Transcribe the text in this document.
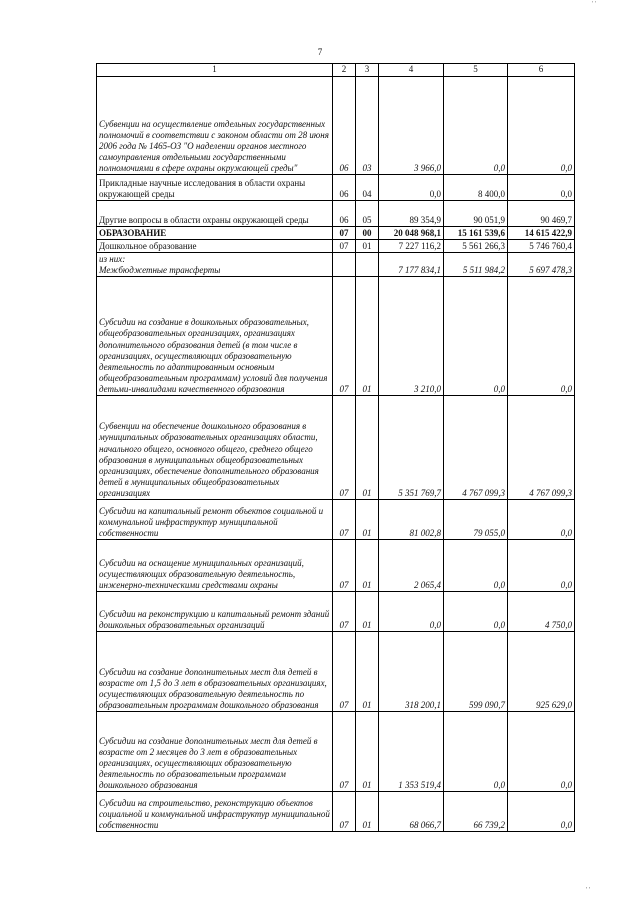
' '
7
1	2	3	4	5	6
Субвенции на осуществление отдельных государственных полномочий в соответствии с законом области от 28 июня 2006 года № 1465-ОЗ "О наделении органов местного самоуправления отдельными государственными полномочиями в сфере охраны окружающей среды"	06	03	3 966,0	0,0	0,0
Прикладные научные исследования в области охраны окружающей среды	06	04	0,0	8 400,0	0,0
Другие вопросы в области охраны окружающей среды	06	05	89 354,9	90 051,9	90 469,7
ОБРАЗОВАНИЕ	07	00	20 048 968,1	15 161 539,6	14 615 422,9
Дошкольное образование	07	01	7 227 116,2	5 561 266,3	5 746 760,4
из них:
Межбюджетные трансферты			7 177 834,1	5 511 984,2	5 697 478,3
Субсидии на создание в дошкольных образовательных, общеобразовательных организациях, организациях дополнительного образования детей (в том числе в организациях, осуществляющих образовательную деятельность по адаптированным основным общеобразовательным программам) условий для получения детьми-инвалидами качественного образования	07	01	3 210,0	0,0	0,0
Субвенции на обеспечение дошкольного образования в муниципальных образовательных организациях области, начального общего, основного общего, среднего общего образования в муниципальных общеобразовательных организациях, обеспечение дополнительного образования детей в муниципальных общеобразовательных организациях	07	01	5 351 769,7	4 767 099,3	4 767 099,3
Субсидии на капитальный ремонт объектов социальной и коммунальной инфраструктур муниципальной собственности	07	01	81 002,8	79 055,0	0,0
Субсидии на оснащение муниципальных организаций, осуществляющих образовательную деятельность, инженерно-техническими средствами охраны	07	01	2 065,4	0,0	0,0
Субсидии на реконструкцию и капитальный ремонт зданий дошкольных образовательных организаций	07	01	0,0	0,0	4 750,0
Субсидии на создание дополнительных мест для детей в возрасте от 1,5 до 3 лет в образовательных организациях, осуществляющих образовательную деятельность по образовательным программам дошкольного образования	07	01	318 200,1	599 090,7	925 629,0
Субсидии на создание дополнительных мест для детей в возрасте от 2 месяцев до 3 лет в образовательных организациях, осуществляющих образовательную деятельность по образовательным программам дошкольного образования	07	01	1 353 519,4	0,0	0,0
Субсидии на строительство, реконструкцию объектов социальной и коммунальной инфраструктур муниципальной собственности	07	01	68 066,7	66 739,2	0,0
' '
